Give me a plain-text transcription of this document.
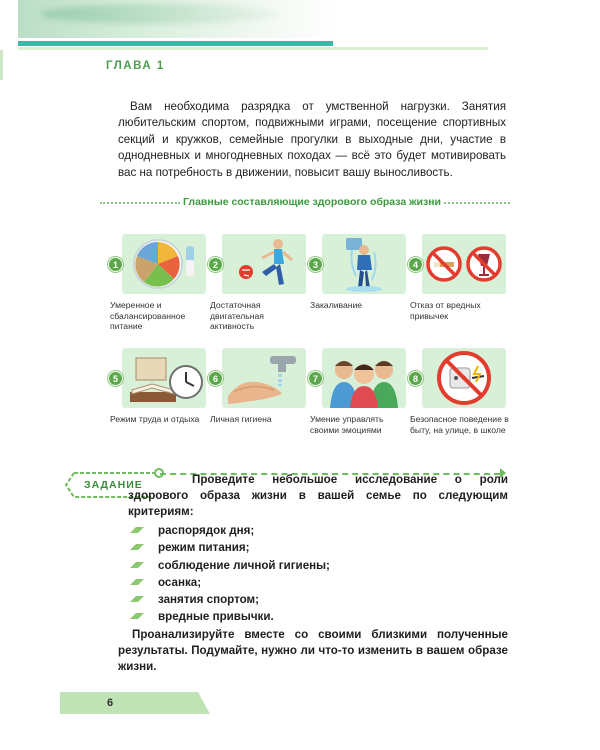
ГЛАВА 1

Вам необходима разрядка от умственной нагрузки. Занятия любительским спортом, подвижными играми, посещение спортивных секций и кружков, семейные прогулки в выходные дни, участие в однодневных и многодневных походах — всё это будет мотивировать вас на потребность в движении, повысит вашу выносливость.

Главные составляющие здорового образа жизни
1
Умеренное и сбалансированное питание
2
Достаточная двигательная активность
3
Закаливание
4
Отказ от вредных привычек
5
Режим труда и отдыха
6
Личная гигиена
7
Умение управлять своими эмоциями
8
Безопасное поведение в быту, на улице, в школе
ЗАДАНИЕ	Проведите небольшое исследование о роли здорового образа жизни в вашей семье по следующим критериям:
распорядок дня;
режим питания;
соблюдение личной гигиены;
осанка;
занятия спортом;
вредные привычки.

Проанализируйте вместе со своими близкими полученные результаты. Подумайте, нужно ли что-то изменить в вашем образе жизни.

6
